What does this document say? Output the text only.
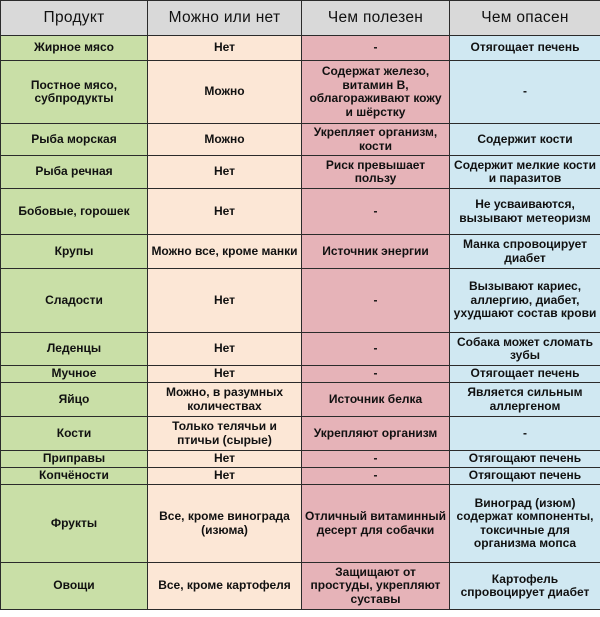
Продукт	Можно или нет	Чем полезен	Чем опасен
Жирное мясо	Нет	-	Отягощает печень
Постное мясо, субпродукты	Можно	Содержат железо, витамин В, облагораживают кожу и шёрстку	-
Рыба морская	Можно	Укрепляет организм, кости	Содержит кости
Рыба речная	Нет	Риск превышает пользу	Содержит мелкие кости и паразитов
Бобовые, горошек	Нет	-	Не усваиваются, вызывают метеоризм
Крупы	Можно все, кроме манки	Источник энергии	Манка спровоцирует диабет
Сладости	Нет	-	Вызывают кариес, аллергию, диабет, ухудшают состав крови
Леденцы	Нет	-	Собака может сломать зубы
Мучное	Нет	-	Отягощает печень
Яйцо	Можно, в разумных количествах	Источник белка	Является сильным аллергеном
Кости	Только телячьи и птичьи (сырые)	Укрепляют организм	-
Приправы	Нет	-	Отягощают печень
Копчёности	Нет	-	Отягощают печень
Фрукты	Все, кроме винограда (изюма)	Отличный витаминный десерт для собачки	Виноград (изюм) содержат компоненты, токсичные для организма мопса
Овощи	Все, кроме картофеля	Защищают от простуды, укрепляют суставы	Картофель спровоцирует диабет
